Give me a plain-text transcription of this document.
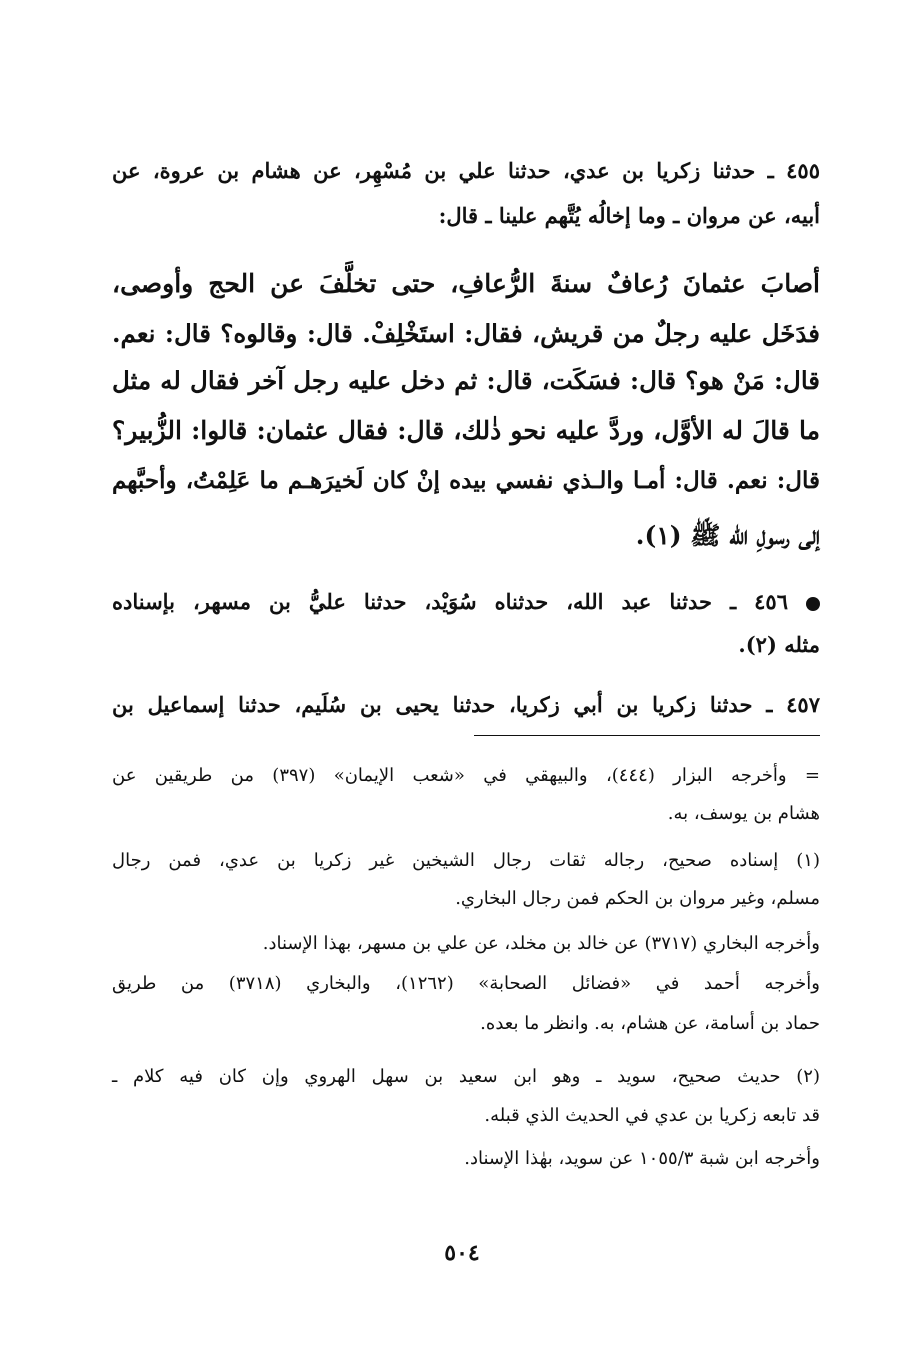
٤٥٥ ـ حدثنا زكريا بن عدي، حدثنا علي بن مُسْهِر، عن هشام بن عروة، عن
أبيه، عن مروان ـ وما إخالُه يُتَّهم علينا ـ قال:
أصابَ عثمانَ رُعافٌ سنةَ الرُّعافِ، حتى تخلَّفَ عن الحج وأوصى،
فدَخَل عليه رجلٌ من قريش، فقال: استَخْلِفْ. قال: وقالوه؟ قال: نعم.
قال: مَنْ هو؟ قال: فسَكَت، قال: ثم دخل عليه رجل آخر فقال له مثل
ما قالَ له الأوَّل، وردَّ عليه نحو ذٰلك، قال: فقال عثمان: قالوا: الزُّبير؟
قال: نعم. قال: أمـا والـذي نفسي بيده إنْ كان لَخيرَهـم ما عَلِمْتُ، وأحبَّهم
إلى رسولِ الله ﷺ (١).
٤٥٦ ـ حدثنا عبد الله، حدثناه سُوَيْد، حدثنا عليُّ بن مسهر، بإسناده
مثله (٢).
٤٥٧ ـ حدثنا زكريا بن أبي زكريا، حدثنا يحيى بن سُلَيم، حدثنا إسماعيل بن
= وأخرجه البزار (٤٤٤)، والبيهقي في «شعب الإيمان» (٣٩٧) من طريقين عن
هشام بن يوسف، به.
(١) إسناده صحيح، رجاله ثقات رجال الشيخين غير زكريا بن عدي، فمن رجال
مسلم، وغير مروان بن الحكم فمن رجال البخاري.
وأخرجه البخاري (٣٧١٧) عن خالد بن مخلد، عن علي بن مسهر، بهذا الإسناد.
وأخرجه أحمد في «فضائل الصحابة» (١٢٦٢)، والبخاري (٣٧١٨) من طريق
حماد بن أسامة، عن هشام، به. وانظر ما بعده.
(٢) حديث صحيح، سويد ـ وهو ابن سعيد بن سهل الهروي وإن كان فيه كلام ـ
قد تابعه زكريا بن عدي في الحديث الذي قبله.
وأخرجه ابن شبة ١٠٥٥/٣ عن سويد، بهٰذا الإسناد.
٥٠٤
